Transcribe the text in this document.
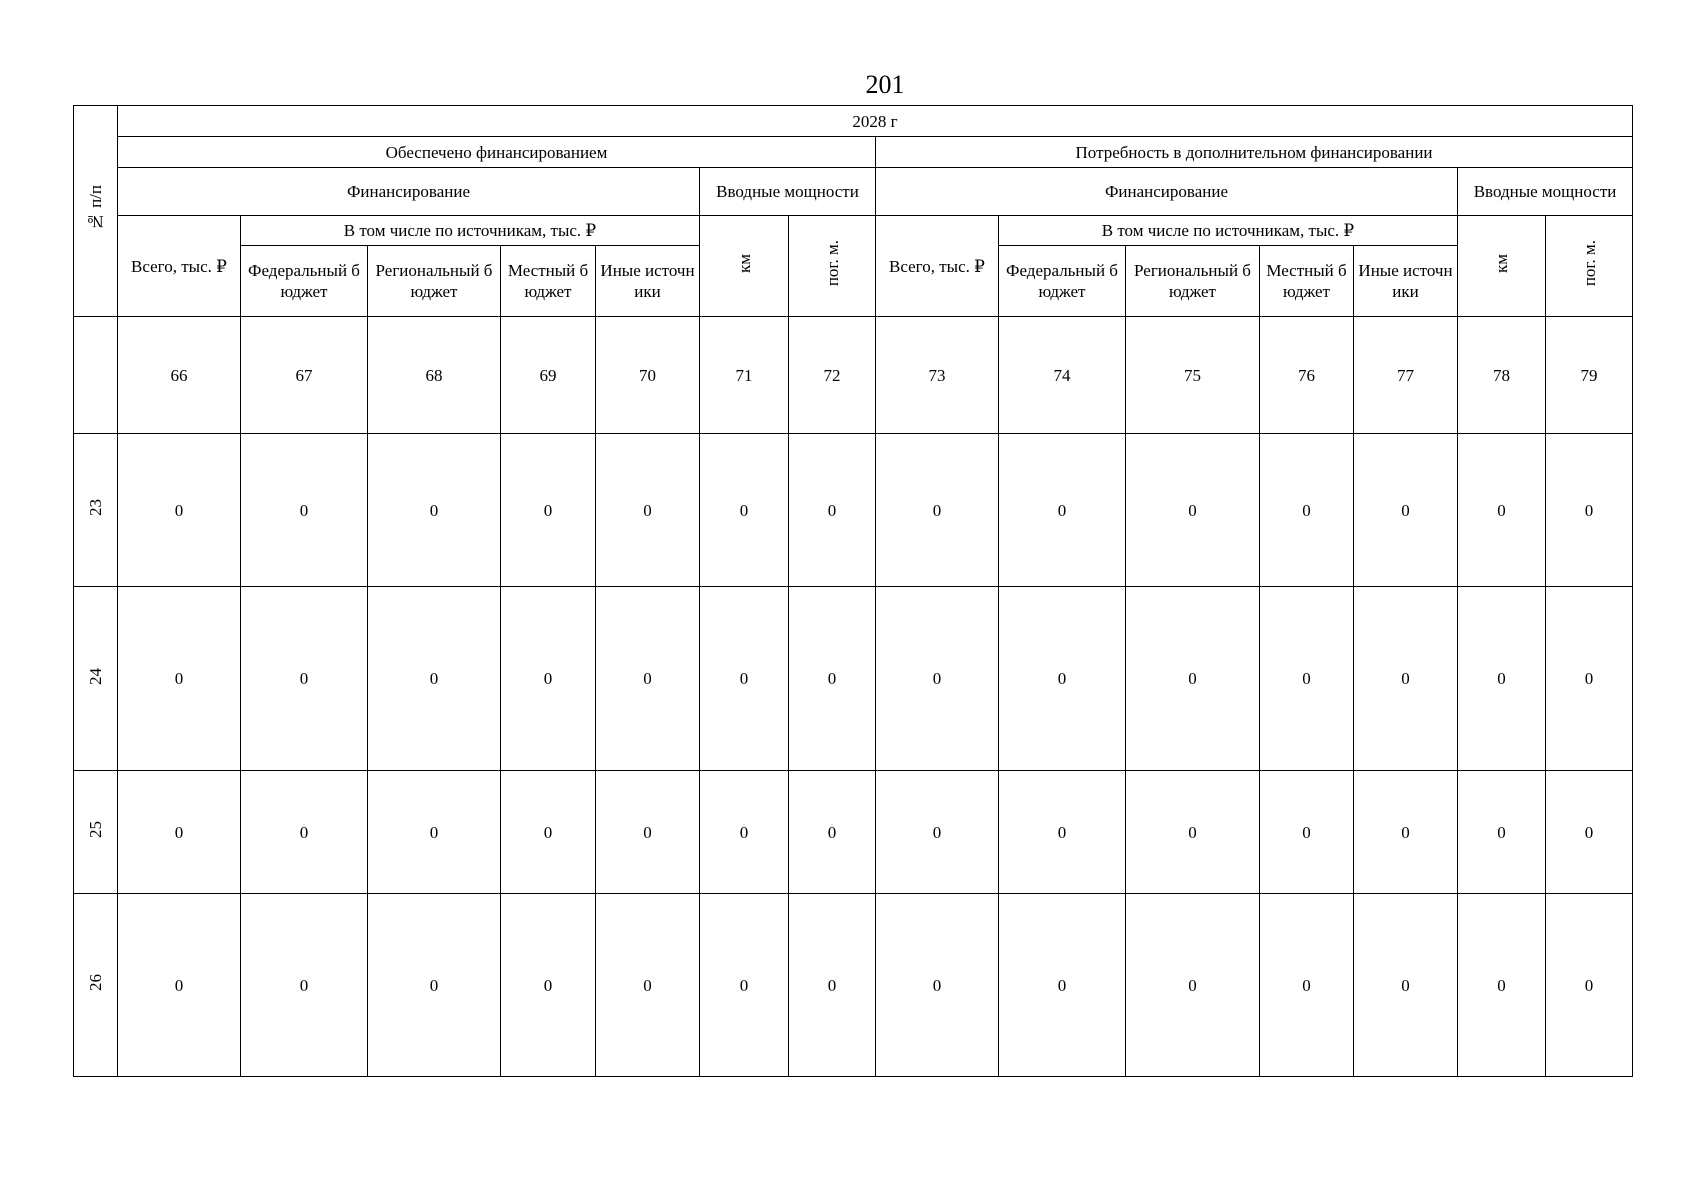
201
№ п/п	2028 г													
	Обеспечено финансированием							Потребность в дополнительном финансировании						
	Финансирование					Вводные мощности		Финансирование					Вводные мощности	

	Всего, тыс. ₽	В том числе по источникам, тыс. ₽				км	пог. м.	Всего, тыс. ₽	В том числе по источникам, тыс. ₽				км	пог. м.

		Федеральный бюджет	Региональный бюджет	Местный бюджет	Иные источники				Федеральный бюджет	Региональный бюджет	Местный бюджет	Иные источники		

	66	67	68	69	70	71	72	73	74	75	76	77	78	79
23	0	0	0	0	0	0	0	0	0	0	0	0	0	0
24	0	0	0	0	0	0	0	0	0	0	0	0	0	0
25	0	0	0	0	0	0	0	0	0	0	0	0	0	0
26	0	0	0	0	0	0	0	0	0	0	0	0	0	0
